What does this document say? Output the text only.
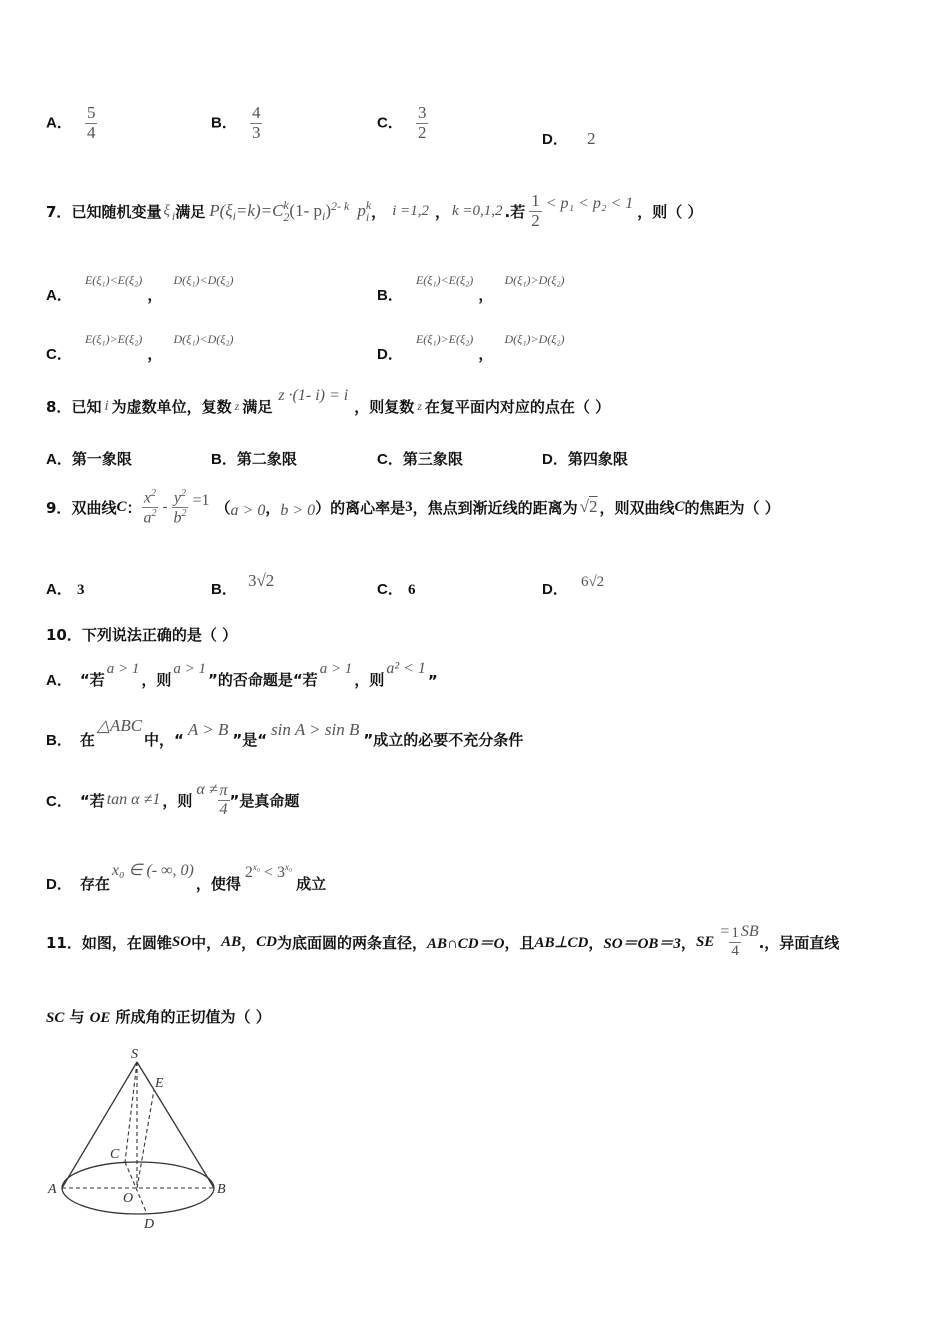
A． $\frac{5}{4}$	B． $\frac{4}{3}$	C． $\frac{3}{2}$	D． 2
7． 已知随机变量 ξ i 满足 P(ξ i =k)=C k
2 (1- p i ) 2- k p k
i ， i =1,2 ， k =0,1,2 .若 $\frac{1}{2} < p_1 < p_2 < 1$ ，则（ ）
A． E(ξ₁)<E(ξ₂) ， D(ξ₁)<D(ξ₂)
B． E(ξ₁)<E(ξ₂) ， D(ξ₁)>D(ξ₂)
C． E(ξ₁)>E(ξ₂) ， D(ξ₁)<D(ξ₂)
D． E(ξ₁)>E(ξ₂) ， D(ξ₁)>D(ξ₂)
8． 已知 i 为虚数单位，复数 z 满足
z ·(1- i) = i
，则复数 z 在复平面内对应的点在（ ）
A．第一象限	B．第二象限	C．第三象限	D．第四象限
9． 双曲线 C ： $\frac{x^2}{a^2} - \frac{y^2}{b^2} =1$ （ a > 0 ， b > 0 ）的离心率是 3 ，焦点到渐近线的距离为 √2 ，则双曲线 C 的焦距为（ ）
A． 3	B． 3√2	C． 6	D． 6√2
10．下列说法正确的是（ ）
A． “若
a > 1
，则
a > 1
”的否命题是“若
a > 1
，则
a² < 1
”
B． 在
△ABC
中，“
A > B
”是“
sin A > sin B
”成立的必要不充分条件
C． “若 tan α ≠1 ，则
$\alpha \ne \frac{\pi}{4}$ ”是真命题
D． 存在
x₀ ∈ (- ∞, 0)
，使得
2 x₀ < 3 x₀
成立
11． 如图，在圆锥 SO 中， AB ， CD 为底面圆的两条直径， AB∩CD＝O ，且 AB⊥CD ， SO＝OB＝3 ， SE
= $\frac{1}{4}$ SB
.，异面直线
SC 与 OE 所成角的正切值为（ ）
S
E
C
A
O
B
D
